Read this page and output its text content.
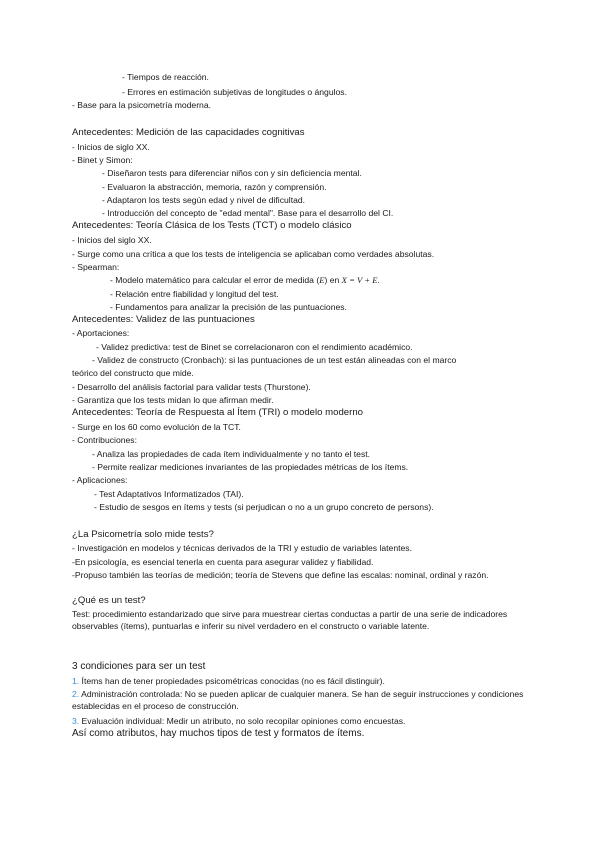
- Tiempos de reacción.
- Errores en estimación subjetivas de longitudes o ángulos.
- Base para la psicometría moderna.
Antecedentes: Medición de las capacidades cognitivas
- Inicios de siglo XX.
- Binet y Simon:
- Diseñaron tests para diferenciar niños con y sin deficiencia mental.
- Evaluaron la abstracción, memoria, razón y comprensión.
- Adaptaron los tests según edad y nivel de dificultad.
- Introducción del concepto de "edad mental". Base para el desarrollo del CI.
Antecedentes: Teoría Clásica de los Tests (TCT) o modelo clásico
- Inicios del siglo XX.
- Surge como una crítica a que los tests de inteligencia se aplicaban como verdades absolutas.
- Spearman:
- Modelo matemático para calcular el error de medida (E) en X = V + E.
- Relación entre fiabilidad y longitud del test.
- Fundamentos para analizar la precisión de las puntuaciones.
Antecedentes: Validez de las puntuaciones
- Aportaciones:
- Validez predictiva: test de Binet se correlacionaron con el rendimiento académico.
- Validez de constructo (Cronbach): si las puntuaciones de un test están alineadas con el marco
teórico del constructo que mide.
- Desarrollo del análisis factorial para validar tests (Thurstone).
- Garantiza que los tests midan lo que afirman medir.
Antecedentes: Teoría de Respuesta al Ítem (TRI) o modelo moderno
- Surge en los 60 como evolución de la TCT.
- Contribuciones:
- Analiza las propiedades de cada ítem individualmente y no tanto el test.
- Permite realizar mediciones invariantes de las propiedades métricas de los ítems.
- Aplicaciones:
- Test Adaptativos Informatizados (TAI).
- Estudio de sesgos en ítems y tests (si perjudican o no a un grupo concreto de persons).
¿La Psicometría solo mide tests?
- Investigación en modelos y técnicas derivados de la TRI y estudio de variables latentes.
-En psicología, es esencial tenerla en cuenta para asegurar validez y fiabilidad.
-Propuso también las teorías de medición; teoría de Stevens que define las escalas: nominal, ordinal y razón.
¿Qué es un test?
Test: procedimiento estandarizado que sirve para muestrear ciertas conductas a partir de una serie de indicadores observables (ítems), puntuarlas e inferir su nivel verdadero en el constructo o variable latente.
3 condiciones para ser un test
1. Ítems han de tener propiedades psicométricas conocidas (no es fácil distinguir).
2. Administración controlada: No se pueden aplicar de cualquier manera. Se han de seguir instrucciones y condiciones establecidas en el proceso de construcción.
3. Evaluación individual: Medir un atributo, no solo recopilar opiniones como encuestas.
Así como atributos, hay muchos tipos de test y formatos de ítems.
